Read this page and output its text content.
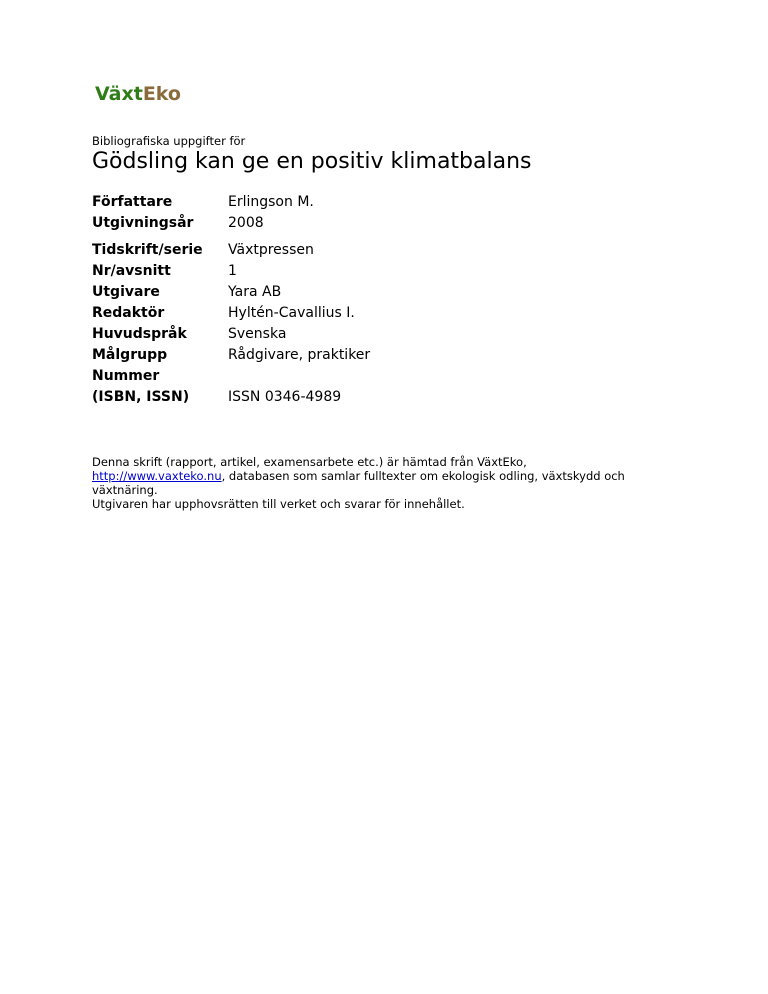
VäxtEko
Bibliografiska uppgifter för
Gödsling kan ge en positiv klimatbalans
Författare	Erlingson M.
Utgivningsår	2008
Tidskrift/serie	Växtpressen
Nr/avsnitt	1
Utgivare	Yara AB
Redaktör	Hyltén-Cavallius I.
Huvudspråk	Svenska
Målgrupp	Rådgivare, praktiker
Nummer
(ISBN, ISSN)	ISSN 0346-4989

Denna skrift (rapport, artikel, examensarbete etc.) är hämtad från VäxtEko,
http://www.vaxteko.nu, databasen som samlar fulltexter om ekologisk odling, växtskydd och växtnäring.
Utgivaren har upphovsrätten till verket och svarar för innehållet.
